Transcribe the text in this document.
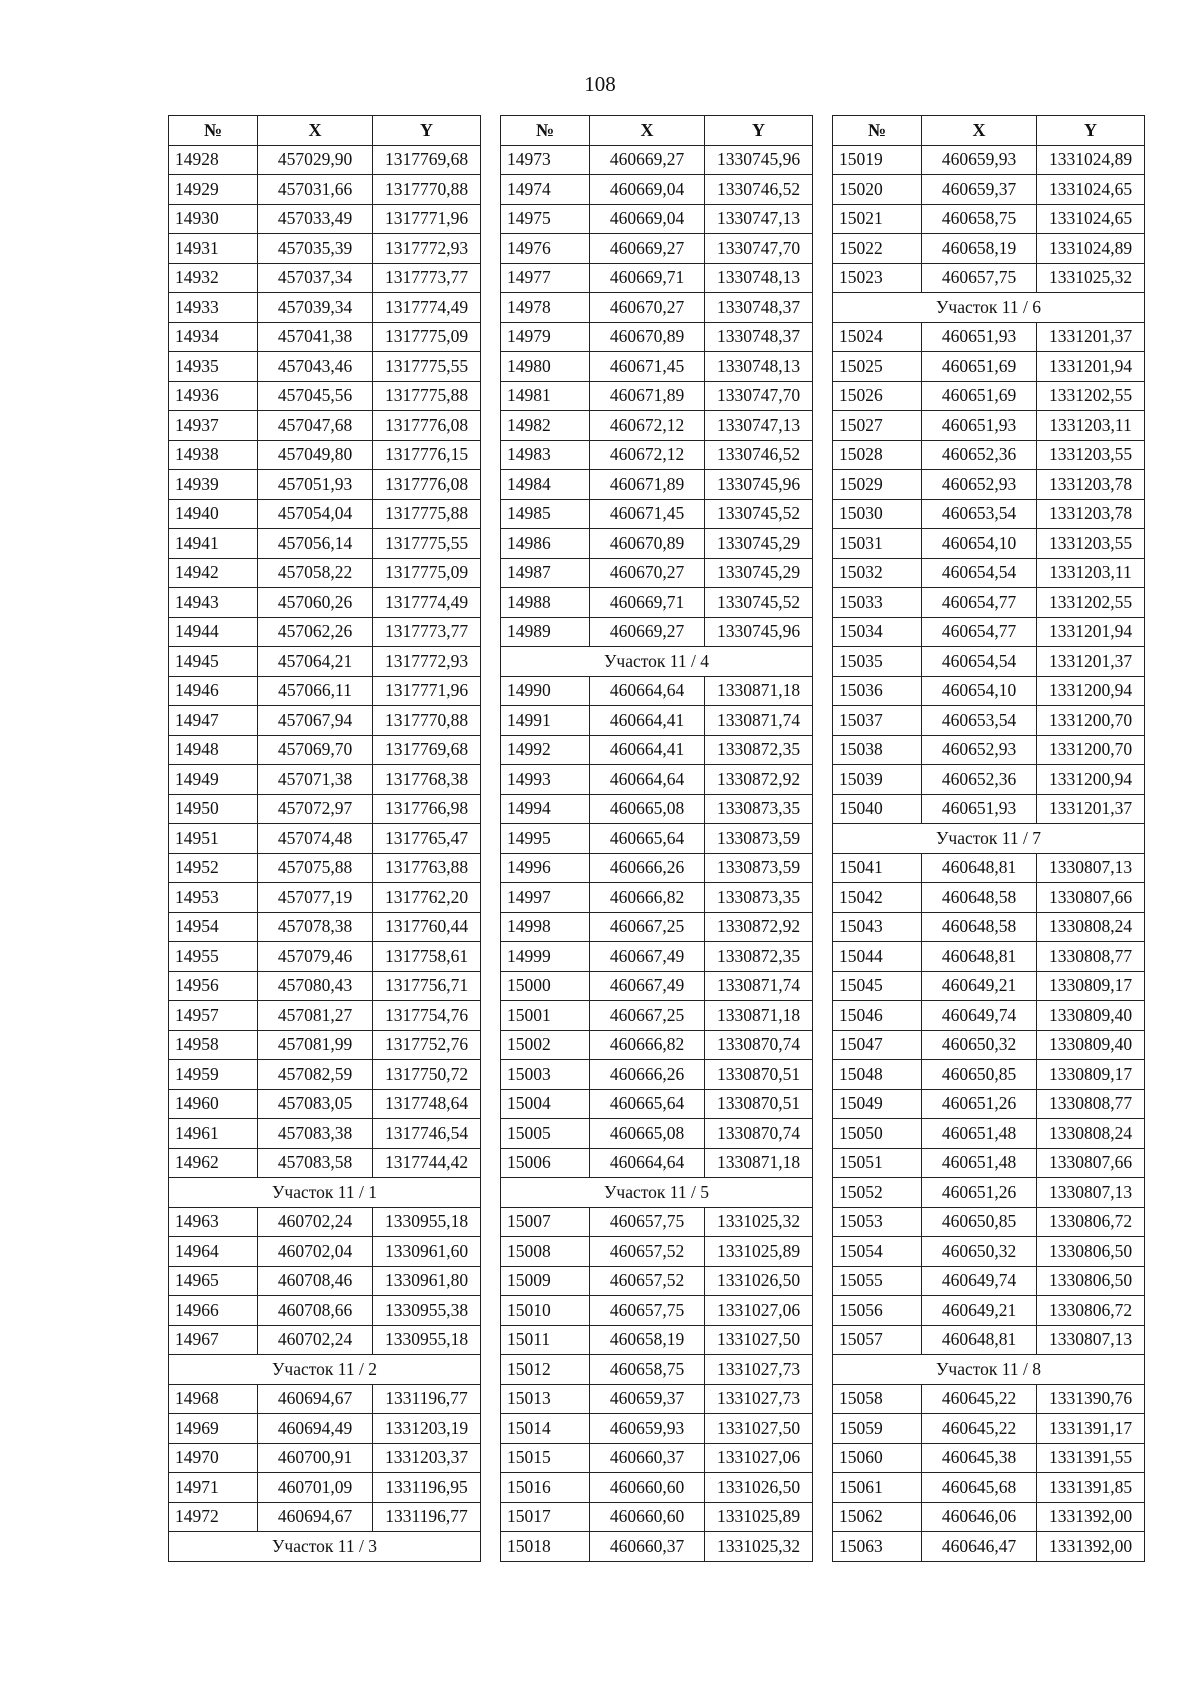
108
№	X	Y
14928	457029,90	1317769,68
14929	457031,66	1317770,88
14930	457033,49	1317771,96
14931	457035,39	1317772,93
14932	457037,34	1317773,77
14933	457039,34	1317774,49
14934	457041,38	1317775,09
14935	457043,46	1317775,55
14936	457045,56	1317775,88
14937	457047,68	1317776,08
14938	457049,80	1317776,15
14939	457051,93	1317776,08
14940	457054,04	1317775,88
14941	457056,14	1317775,55
14942	457058,22	1317775,09
14943	457060,26	1317774,49
14944	457062,26	1317773,77
14945	457064,21	1317772,93
14946	457066,11	1317771,96
14947	457067,94	1317770,88
14948	457069,70	1317769,68
14949	457071,38	1317768,38
14950	457072,97	1317766,98
14951	457074,48	1317765,47
14952	457075,88	1317763,88
14953	457077,19	1317762,20
14954	457078,38	1317760,44
14955	457079,46	1317758,61
14956	457080,43	1317756,71
14957	457081,27	1317754,76
14958	457081,99	1317752,76
14959	457082,59	1317750,72
14960	457083,05	1317748,64
14961	457083,38	1317746,54
14962	457083,58	1317744,42
Участок 11 / 1		
14963	460702,24	1330955,18
14964	460702,04	1330961,60
14965	460708,46	1330961,80
14966	460708,66	1330955,38
14967	460702,24	1330955,18
Участок 11 / 2		
14968	460694,67	1331196,77
14969	460694,49	1331203,19
14970	460700,91	1331203,37
14971	460701,09	1331196,95
14972	460694,67	1331196,77
Участок 11 / 3		
№	X	Y
14973	460669,27	1330745,96
14974	460669,04	1330746,52
14975	460669,04	1330747,13
14976	460669,27	1330747,70
14977	460669,71	1330748,13
14978	460670,27	1330748,37
14979	460670,89	1330748,37
14980	460671,45	1330748,13
14981	460671,89	1330747,70
14982	460672,12	1330747,13
14983	460672,12	1330746,52
14984	460671,89	1330745,96
14985	460671,45	1330745,52
14986	460670,89	1330745,29
14987	460670,27	1330745,29
14988	460669,71	1330745,52
14989	460669,27	1330745,96
Участок 11 / 4		
14990	460664,64	1330871,18
14991	460664,41	1330871,74
14992	460664,41	1330872,35
14993	460664,64	1330872,92
14994	460665,08	1330873,35
14995	460665,64	1330873,59
14996	460666,26	1330873,59
14997	460666,82	1330873,35
14998	460667,25	1330872,92
14999	460667,49	1330872,35
15000	460667,49	1330871,74
15001	460667,25	1330871,18
15002	460666,82	1330870,74
15003	460666,26	1330870,51
15004	460665,64	1330870,51
15005	460665,08	1330870,74
15006	460664,64	1330871,18
Участок 11 / 5		
15007	460657,75	1331025,32
15008	460657,52	1331025,89
15009	460657,52	1331026,50
15010	460657,75	1331027,06
15011	460658,19	1331027,50
15012	460658,75	1331027,73
15013	460659,37	1331027,73
15014	460659,93	1331027,50
15015	460660,37	1331027,06
15016	460660,60	1331026,50
15017	460660,60	1331025,89
15018	460660,37	1331025,32
№	X	Y
15019	460659,93	1331024,89
15020	460659,37	1331024,65
15021	460658,75	1331024,65
15022	460658,19	1331024,89
15023	460657,75	1331025,32
Участок 11 / 6		
15024	460651,93	1331201,37
15025	460651,69	1331201,94
15026	460651,69	1331202,55
15027	460651,93	1331203,11
15028	460652,36	1331203,55
15029	460652,93	1331203,78
15030	460653,54	1331203,78
15031	460654,10	1331203,55
15032	460654,54	1331203,11
15033	460654,77	1331202,55
15034	460654,77	1331201,94
15035	460654,54	1331201,37
15036	460654,10	1331200,94
15037	460653,54	1331200,70
15038	460652,93	1331200,70
15039	460652,36	1331200,94
15040	460651,93	1331201,37
Участок 11 / 7		
15041	460648,81	1330807,13
15042	460648,58	1330807,66
15043	460648,58	1330808,24
15044	460648,81	1330808,77
15045	460649,21	1330809,17
15046	460649,74	1330809,40
15047	460650,32	1330809,40
15048	460650,85	1330809,17
15049	460651,26	1330808,77
15050	460651,48	1330808,24
15051	460651,48	1330807,66
15052	460651,26	1330807,13
15053	460650,85	1330806,72
15054	460650,32	1330806,50
15055	460649,74	1330806,50
15056	460649,21	1330806,72
15057	460648,81	1330807,13
Участок 11 / 8		
15058	460645,22	1331390,76
15059	460645,22	1331391,17
15060	460645,38	1331391,55
15061	460645,68	1331391,85
15062	460646,06	1331392,00
15063	460646,47	1331392,00
